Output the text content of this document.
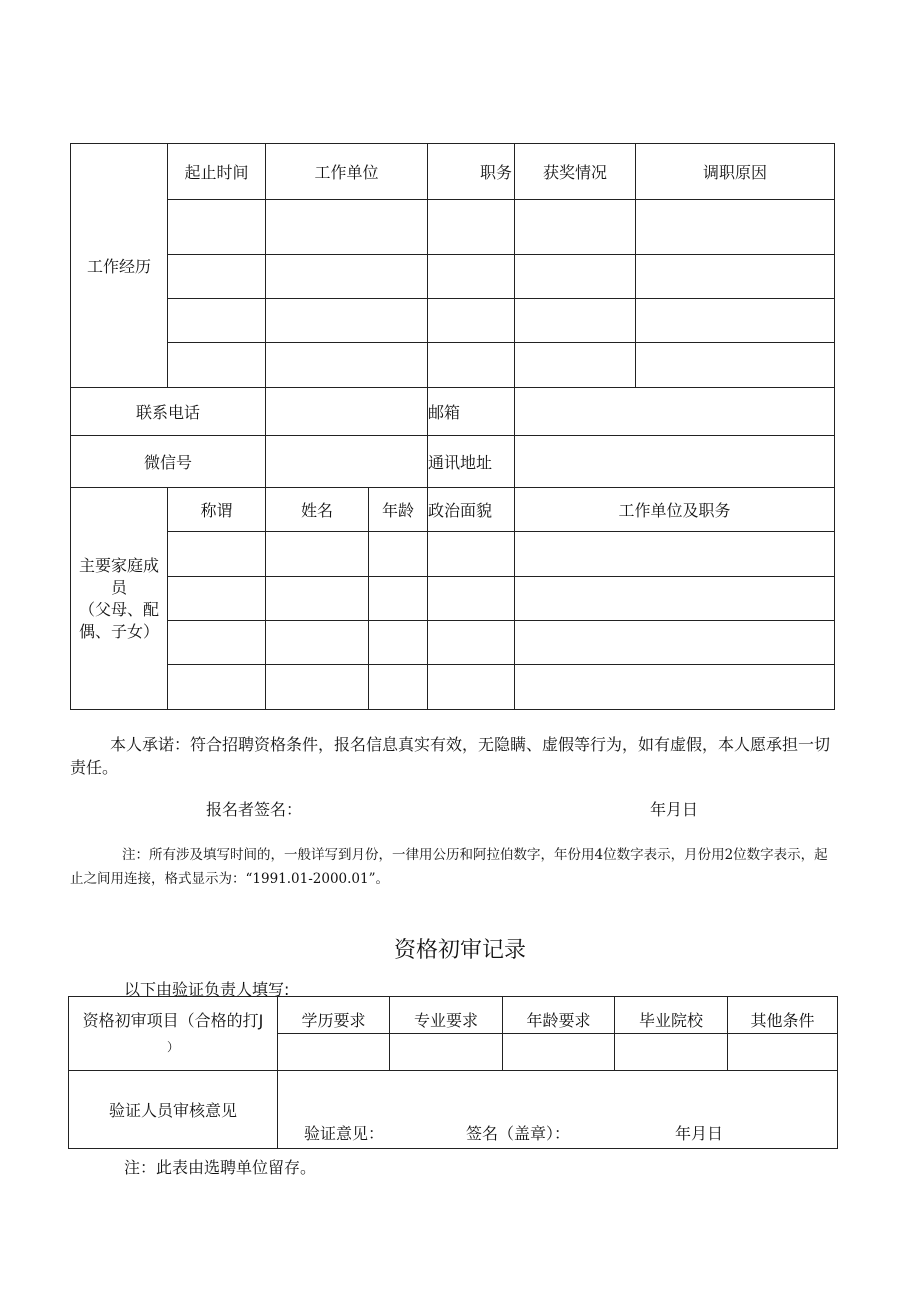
工作经历	起止时间	工作单位		职务	获奖情况	调职原因

联系电话				邮箱		
微信号				通讯地址		

主要家庭成
员
（父母、配
偶、子女）	称谓	姓名	年龄	政治面貌	工作单位及职务	

本人承诺：符合招聘资格条件，报名信息真实有效，无隐瞒、虚假等行为，如有虚假，本人愿承担一切责任。
报名者签名：	年月日
注：所有涉及填写时间的，一般详写到月份，一律用公历和阿拉伯数字，年份用4位数字表示，月份用2位数字表示，起止之间用连接，格式显示为：“1991.01-2000.01”。
资格初审记录
以下由验证负责人填写:
资格初审项目（合格的打J
）	学历要求	专业要求	年龄要求	毕业院校	其他条件

验证人员审核意见	验证意见： 签名（盖章）： 年月日				
注：此表由选聘单位留存。
